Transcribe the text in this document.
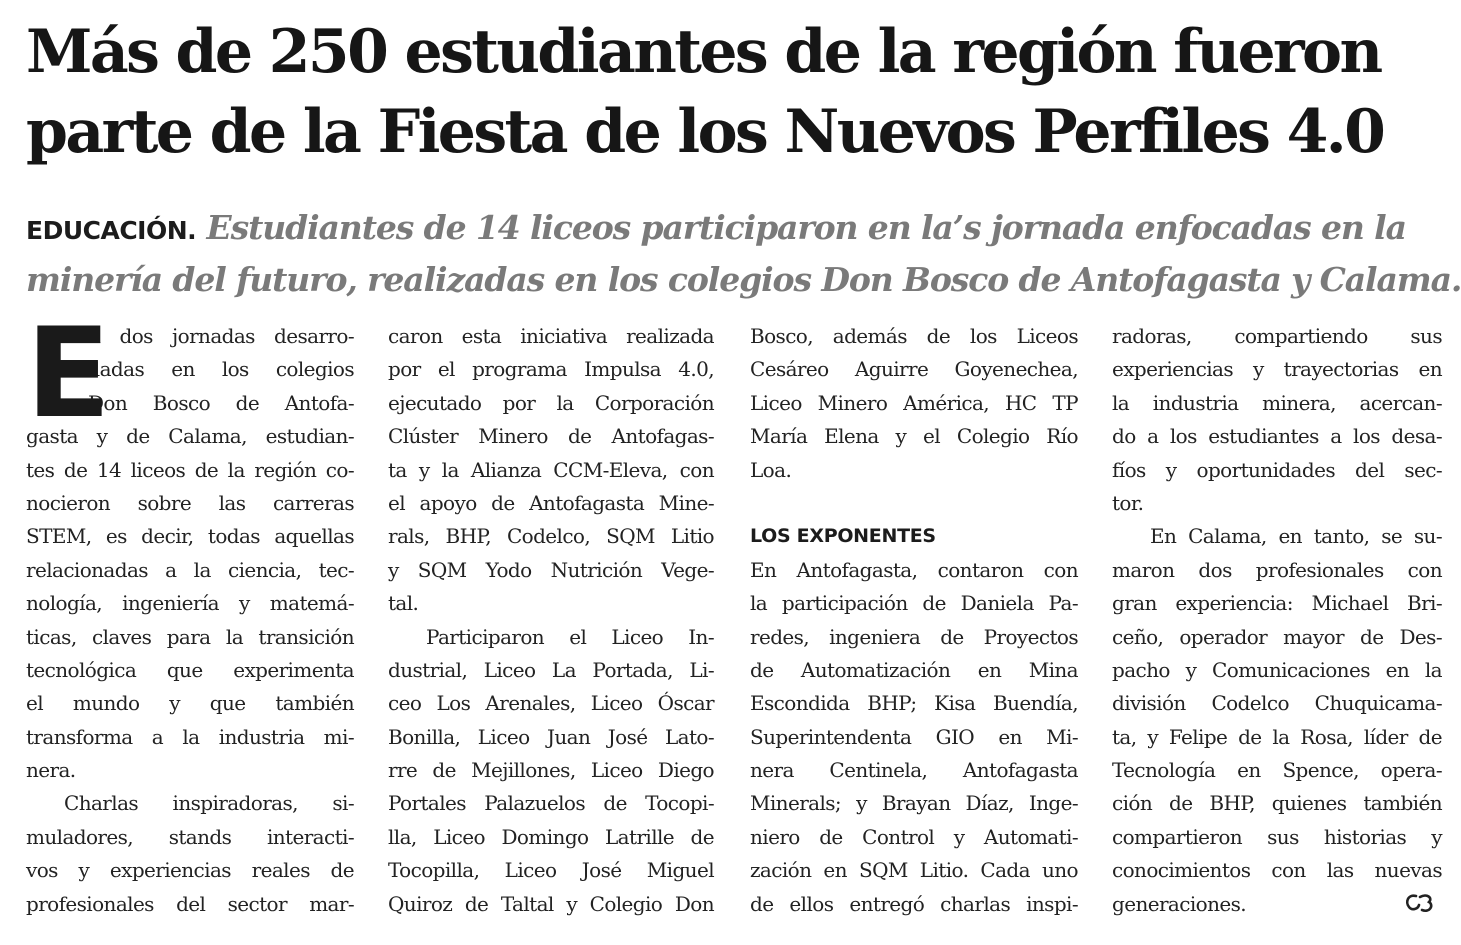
Más de 250 estudiantes de la región fueron
parte de la Fiesta de los Nuevos Perfiles 4.0
EDUCACIÓN. Estudiantes de 14 liceos participaron en la’s jornada enfocadas en la
minería del futuro, realizadas en los colegios Don Bosco de Antofagasta y Calama.
E
n dos jornadas desarro-
lladas en los colegios
Don Bosco de Antofa-
gasta y de Calama, estudian-
tes de 14 liceos de la región co-
nocieron sobre las carreras
STEM, es decir, todas aquellas
relacionadas a la ciencia, tec-
nología, ingeniería y matemá-
ticas, claves para la transición
tecnológica que experimenta
el mundo y que también
transforma a la industria mi-
nera.
Charlas inspiradoras, si-
muladores, stands interacti-
vos y experiencias reales de
profesionales del sector mar-
caron esta iniciativa realizada
por el programa Impulsa 4.0,
ejecutado por la Corporación
Clúster Minero de Antofagas-
ta y la Alianza CCM-Eleva, con
el apoyo de Antofagasta Mine-
rals, BHP, Codelco, SQM Litio
y SQM Yodo Nutrición Vege-
tal.
Participaron el Liceo In-
dustrial, Liceo La Portada, Li-
ceo Los Arenales, Liceo Óscar
Bonilla, Liceo Juan José Lato-
rre de Mejillones, Liceo Diego
Portales Palazuelos de Tocopi-
lla, Liceo Domingo Latrille de
Tocopilla, Liceo José Miguel
Quiroz de Taltal y Colegio Don
Bosco, además de los Liceos
Cesáreo Aguirre Goyenechea,
Liceo Minero América, HC TP
María Elena y el Colegio Río
Loa.
LOS EXPONENTES
En Antofagasta, contaron con
la participación de Daniela Pa-
redes, ingeniera de Proyectos
de Automatización en Mina
Escondida BHP; Kisa Buendía,
Superintendenta GIO en Mi-
nera Centinela, Antofagasta
Minerals; y Brayan Díaz, Inge-
niero de Control y Automati-
zación en SQM Litio. Cada uno
de ellos entregó charlas inspi-
radoras, compartiendo sus
experiencias y trayectorias en
la industria minera, acercan-
do a los estudiantes a los desa-
fíos y oportunidades del sec-
tor.
En Calama, en tanto, se su-
maron dos profesionales con
gran experiencia: Michael Bri-
ceño, operador mayor de Des-
pacho y Comunicaciones en la
división Codelco Chuquicama-
ta, y Felipe de la Rosa, líder de
Tecnología en Spence, opera-
ción de BHP, quienes también
compartieron sus historias y
conocimientos con las nuevas
generaciones.
